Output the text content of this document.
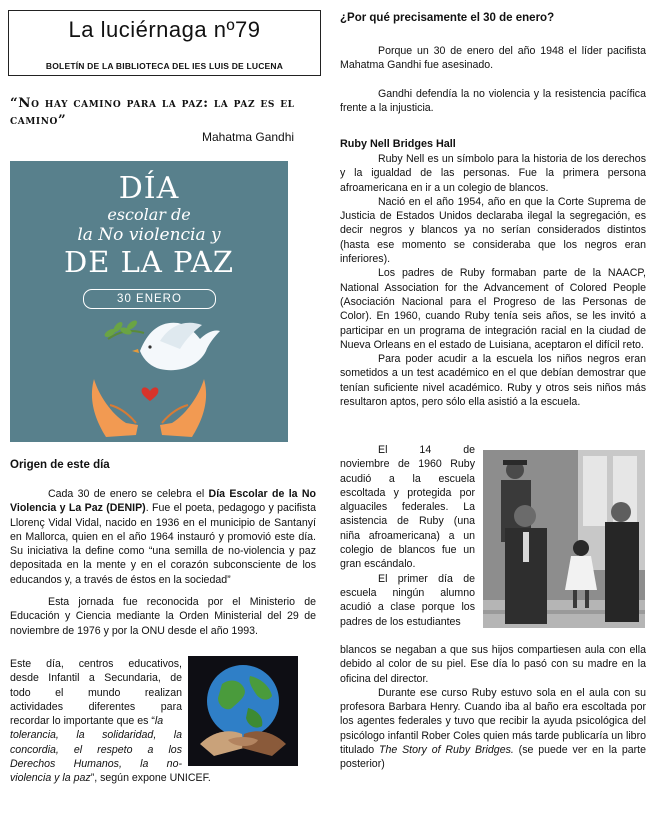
La luciérnaga nº79
BOLETÍN DE LA BIBLIOTECA DEL IES LUIS DE LUCENA
“No hay camino para la paz: la paz es el camino”
Mahatma Gandhi
DÍA
escolar de
la No violencia y
DE LA PAZ
30 ENERO
Origen de este día

Cada 30 de enero se celebra el Día Escolar de la No Violencia y La Paz (DENIP). Fue el poeta, pedagogo y pacifista Llorenç Vidal Vidal, nacido en 1936 en el municipio de Santanyí en Mallorca, quien en el año 1964 instauró y promovió este día. Su iniciativa la define como “una semilla de no-violencia y paz depositada en la mente y en el corazón subconsciente de los educandos y, a través de éstos en la sociedad”

Esta jornada fue reconocida por el Ministerio de Educación y Ciencia mediante la Orden Ministerial del 29 de noviembre de 1976 y por la ONU desde el año 1993.

Este día, centros educativos,
desde Infantil a Secundaria, de
todo el mundo realizan
actividades diferentes para
recordar lo importante que es “la
tolerancia, la solidaridad, la
concordia, el respeto a los
Derechos Humanos, la no-
violencia y la paz”, según expone UNICEF.
¿Por qué precisamente el 30 de enero?

Porque un 30 de enero del año 1948 el líder pacifista Mahatma Gandhi fue asesinado.

Gandhi defendía la no violencia y la resistencia pacífica frente a la injusticia.

Ruby Nell Bridges Hall

Ruby Nell es un símbolo para la historia de los derechos y la igualdad de las personas. Fue la primera persona afroamericana en ir a un colegio de blancos.

Nació en el año 1954, año en que la Corte Suprema de Justicia de Estados Unidos declaraba ilegal la segregación, es decir negros y blancos ya no serían considerados distintos (hasta ese momento se consideraba que los negros eran inferiores).

Los padres de Ruby formaban parte de la NAACP, National Association for the Advancement of Colored People (Asociación Nacional para el Progreso de las Personas de Color). En 1960, cuando Ruby tenía seis años, se les invitó a participar en un programa de integración racial en la ciudad de Nueva Orleans en el estado de Luisiana, aceptaron el difícil reto.

Para poder acudir a la escuela los niños negros eran sometidos a un test académico en el que debían demostrar que tenían suficiente nivel académico. Ruby y otros seis niños más resultaron aptos, pero sólo ella asistió a la escuela.

El 14 de
noviembre de 1960 Ruby
acudió a la escuela
escoltada y protegida por
alguaciles federales. La
asistencia de Ruby (una
niña afroamericana) a un
colegio de blancos fue un
gran escándalo.
El primer día de
escuela ningún alumno
acudió a clase porque los
padres de los estudiantes

blancos se negaban a que sus hijos compartiesen aula con ella debido al color de su piel. Ese día lo pasó con su madre en la oficina del director.

Durante ese curso Ruby estuvo sola en el aula con su profesora Barbara Henry. Cuando iba al baño era escoltada por los agentes federales y tuvo que recibir la ayuda psicológica del psicólogo infantil Rober Coles quien más tarde publicaría un libro titulado The Story of Ruby Bridges. (se puede ver en la parte posterior)
